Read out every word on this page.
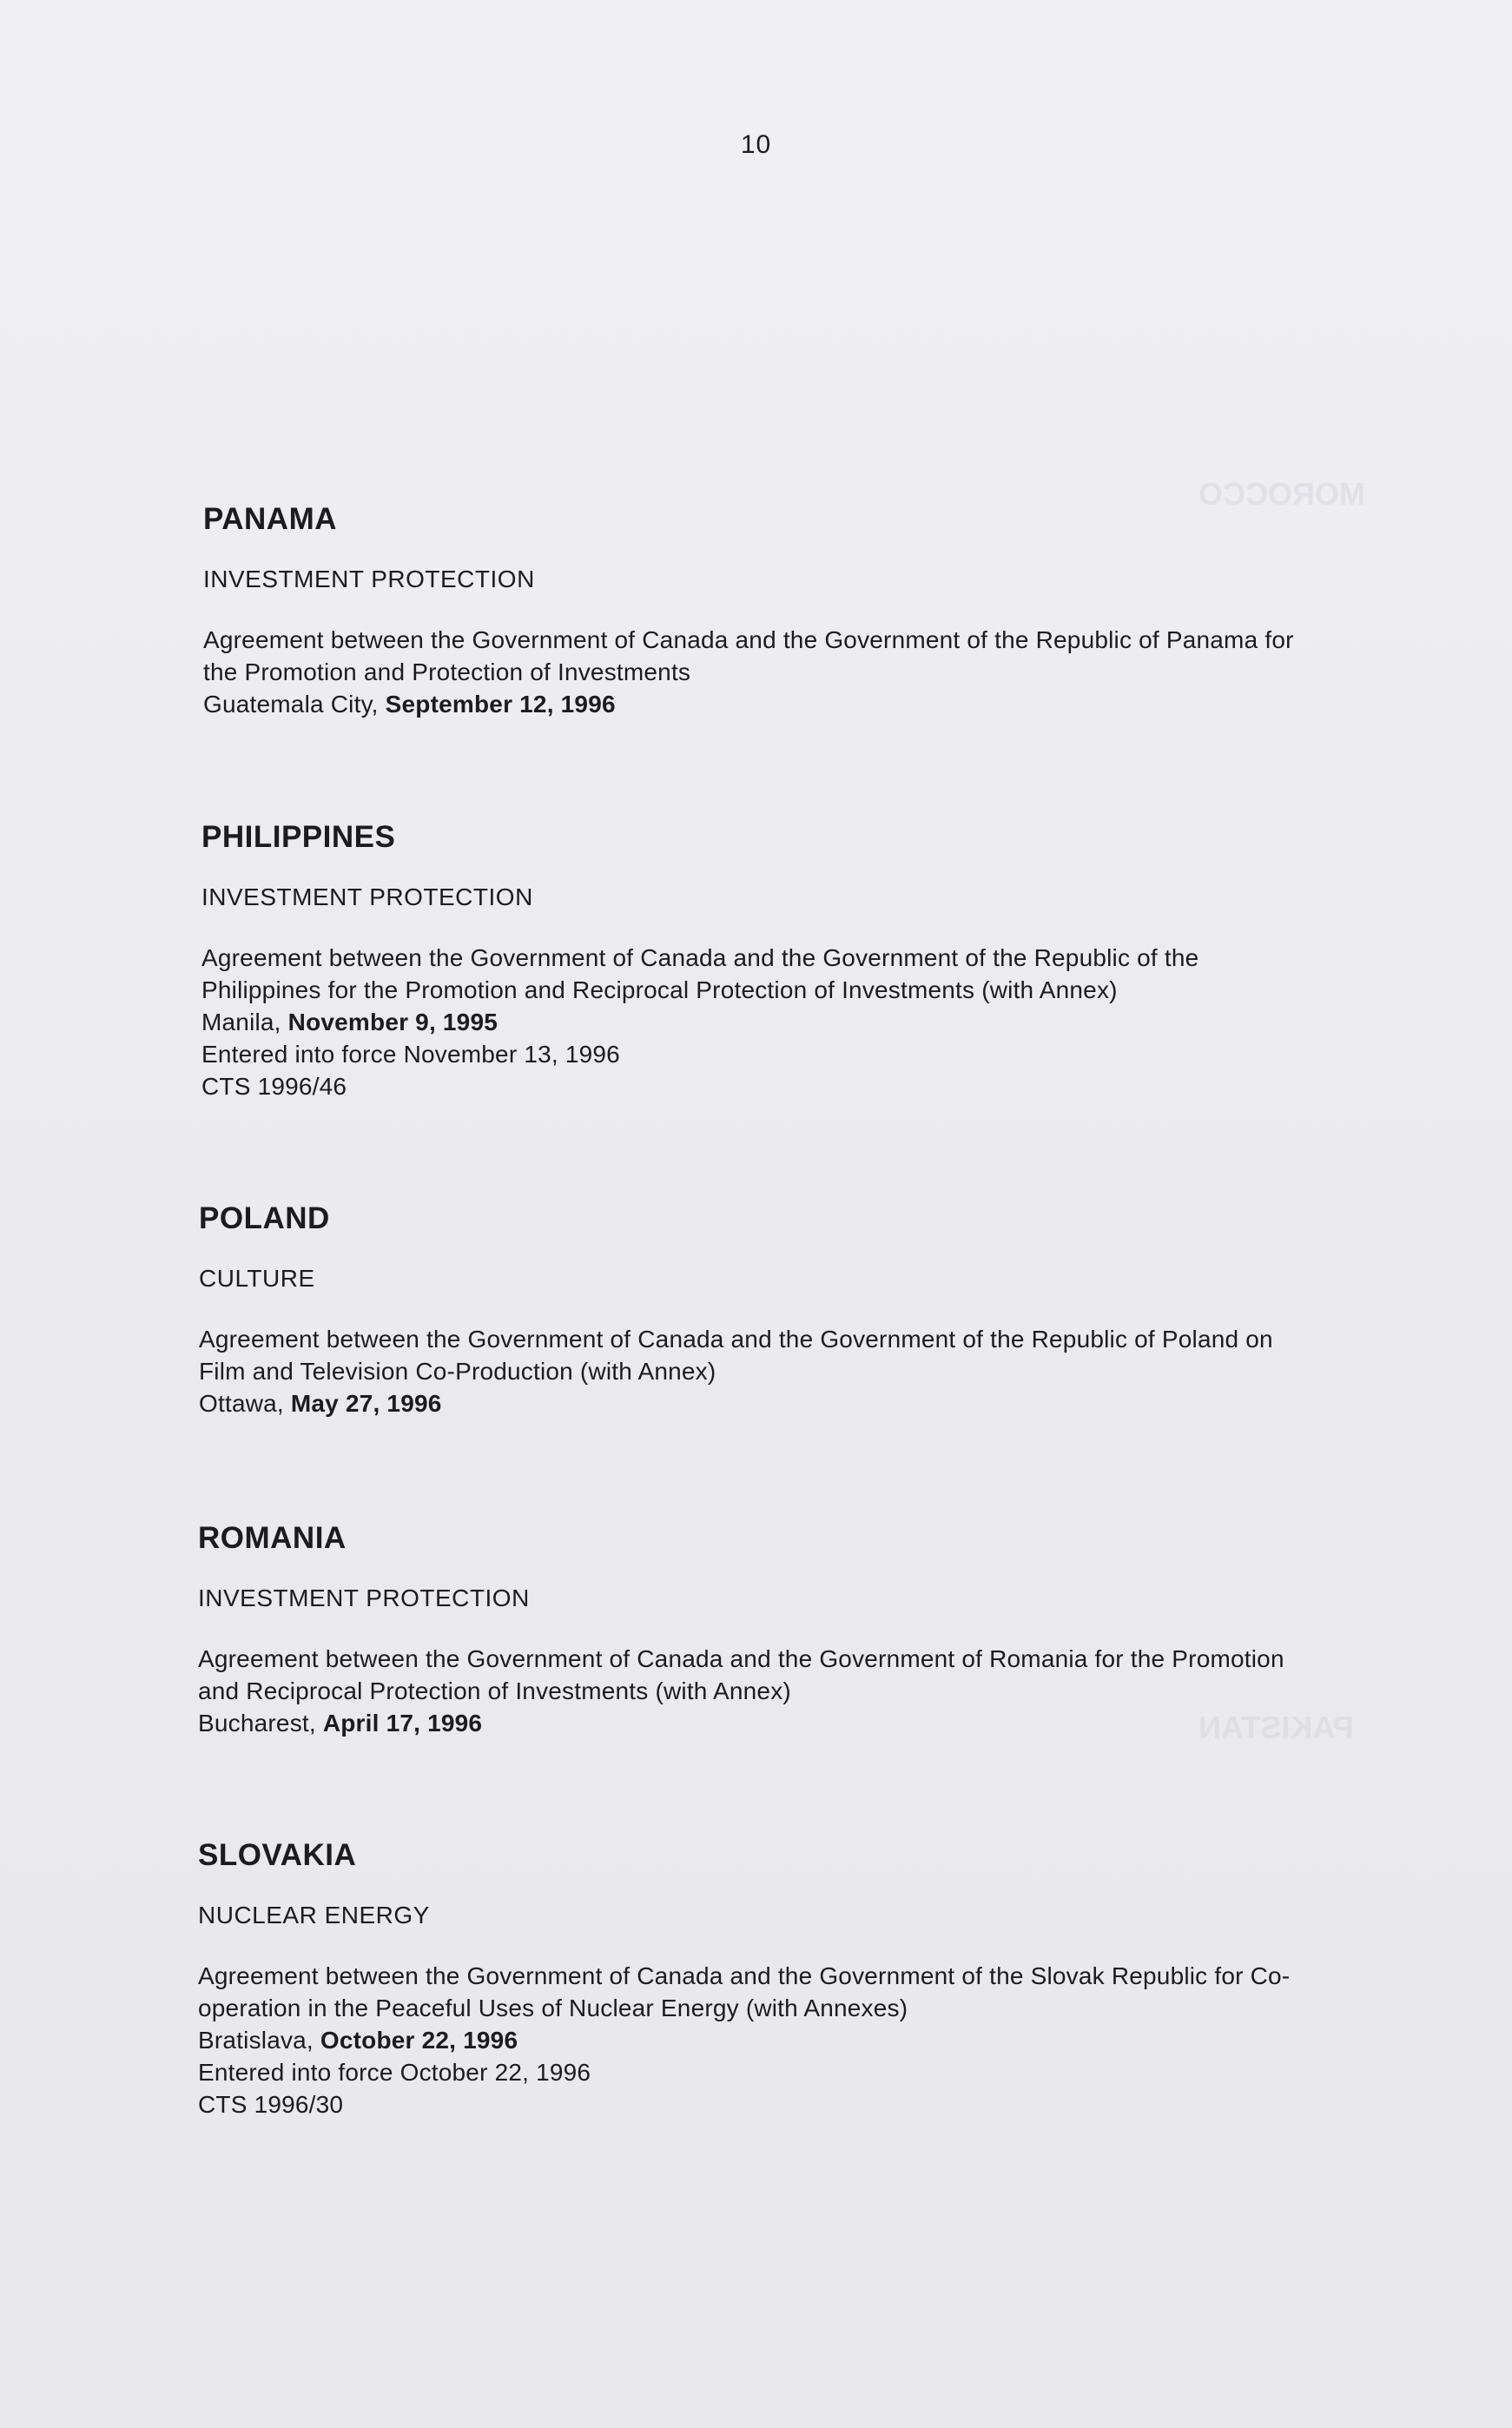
MOROCCO
PAKISTAN
10
PANAMA
INVESTMENT PROTECTION
Agreement between the Government of Canada and the Government of the Republic of Panama for
the Promotion and Protection of Investments
Guatemala City, September 12, 1996
PHILIPPINES
INVESTMENT PROTECTION
Agreement between the Government of Canada and the Government of the Republic of the
Philippines for the Promotion and Reciprocal Protection of Investments (with Annex)
Manila, November 9, 1995
Entered into force November 13, 1996
CTS 1996/46
POLAND
CULTURE
Agreement between the Government of Canada and the Government of the Republic of Poland on
Film and Television Co-Production (with Annex)
Ottawa, May 27, 1996
ROMANIA
INVESTMENT PROTECTION
Agreement between the Government of Canada and the Government of Romania for the Promotion
and Reciprocal Protection of Investments (with Annex)
Bucharest, April 17, 1996
SLOVAKIA
NUCLEAR ENERGY
Agreement between the Government of Canada and the Government of the Slovak Republic for Co-
operation in the Peaceful Uses of Nuclear Energy (with Annexes)
Bratislava, October 22, 1996
Entered into force October 22, 1996
CTS 1996/30
